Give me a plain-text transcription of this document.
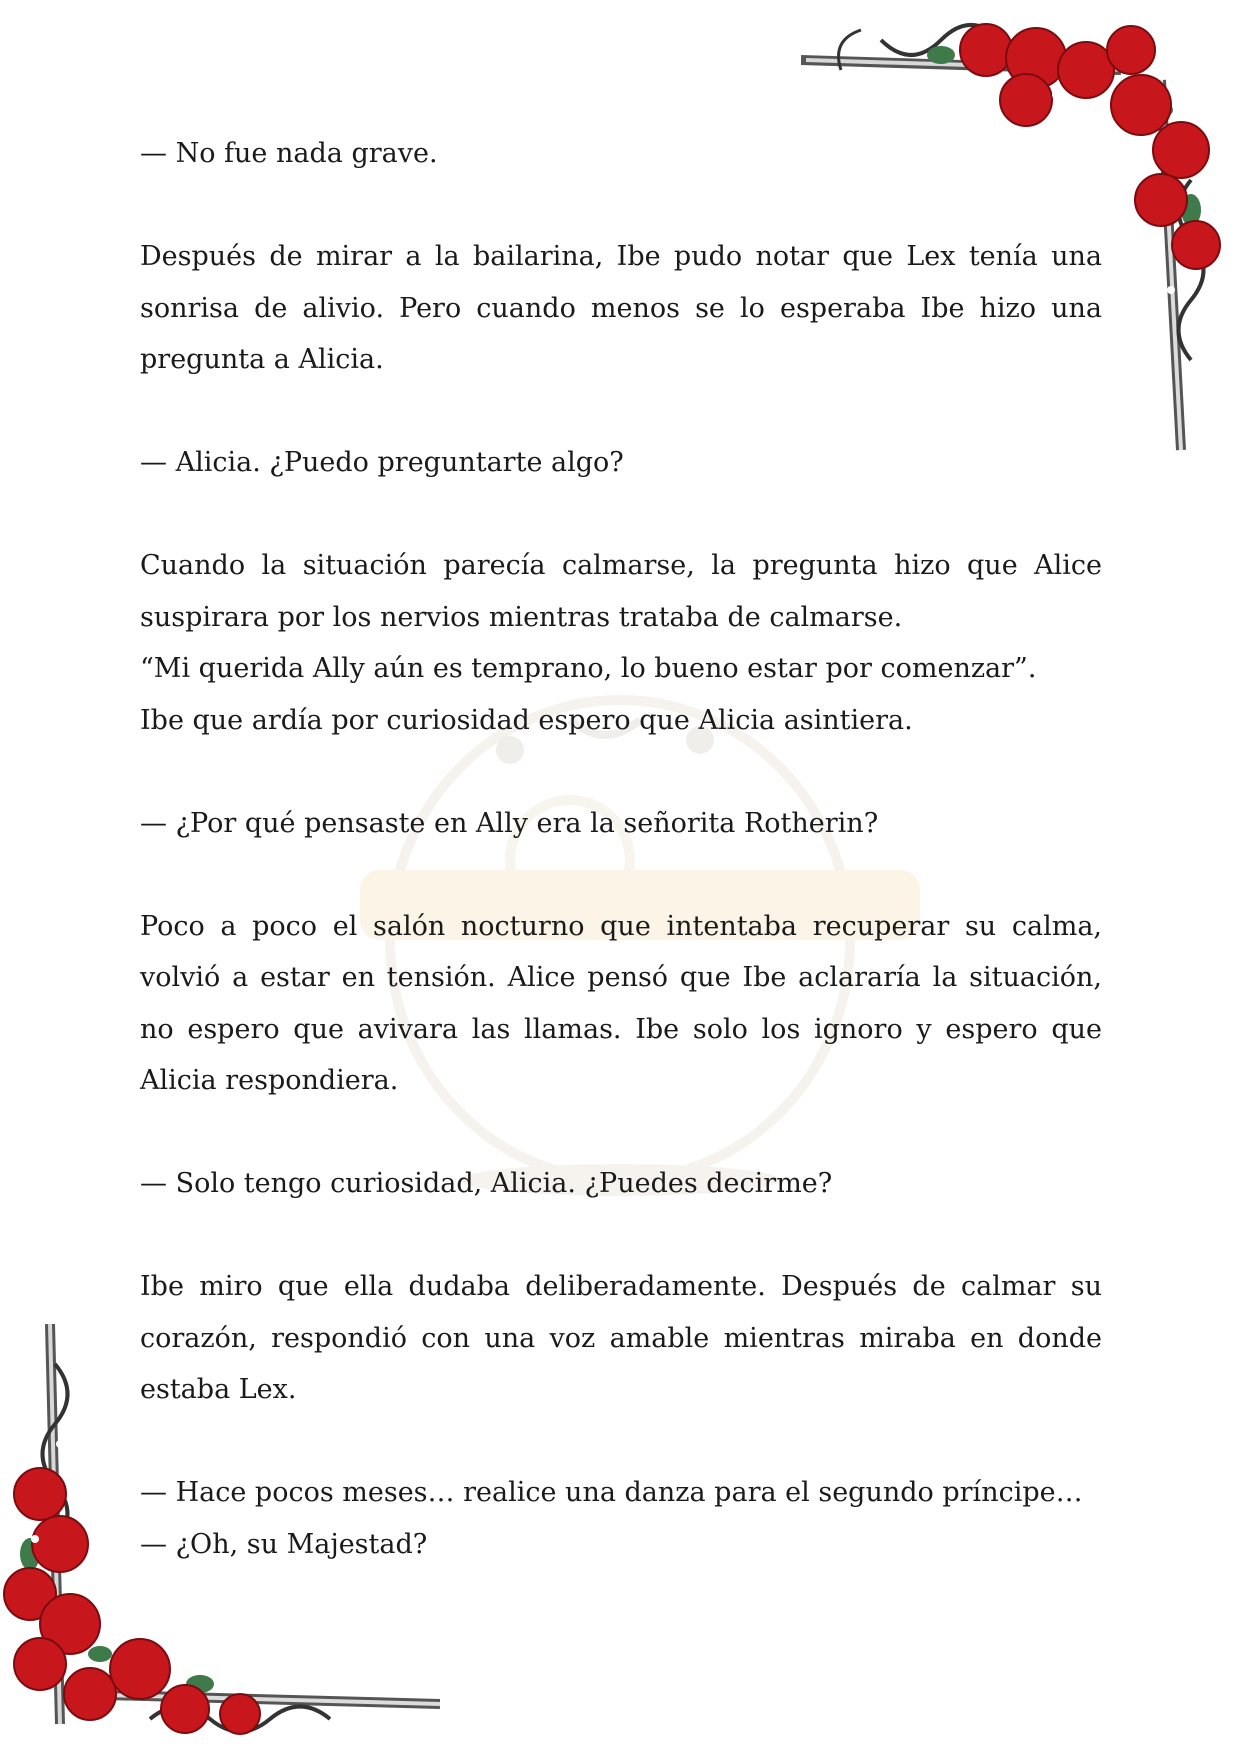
— No fue nada grave.

Después de mirar a la bailarina, Ibe pudo notar que Lex tenía una sonrisa de alivio. Pero cuando menos se lo esperaba Ibe hizo una pregunta a Alicia.

— Alicia. ¿Puedo preguntarte algo?

Cuando la situación parecía calmarse, la pregunta hizo que Alice suspirara por los nervios mientras trataba de calmarse.

“Mi querida Ally aún es temprano, lo bueno estar por comenzar”.

Ibe que ardía por curiosidad espero que Alicia asintiera.

— ¿Por qué pensaste en Ally era la señorita Rotherin?

Poco a poco el salón nocturno que intentaba recuperar su calma, volvió a estar en tensión. Alice pensó que Ibe aclararía la situación, no espero que avivara las llamas. Ibe solo los ignoro y espero que Alicia respondiera.

— Solo tengo curiosidad, Alicia. ¿Puedes decirme?

Ibe miro que ella dudaba deliberadamente. Después de calmar su corazón, respondió con una voz amable mientras miraba en donde estaba Lex.

— Hace pocos meses… realice una danza para el segundo príncipe…

— ¿Oh, su Majestad?
